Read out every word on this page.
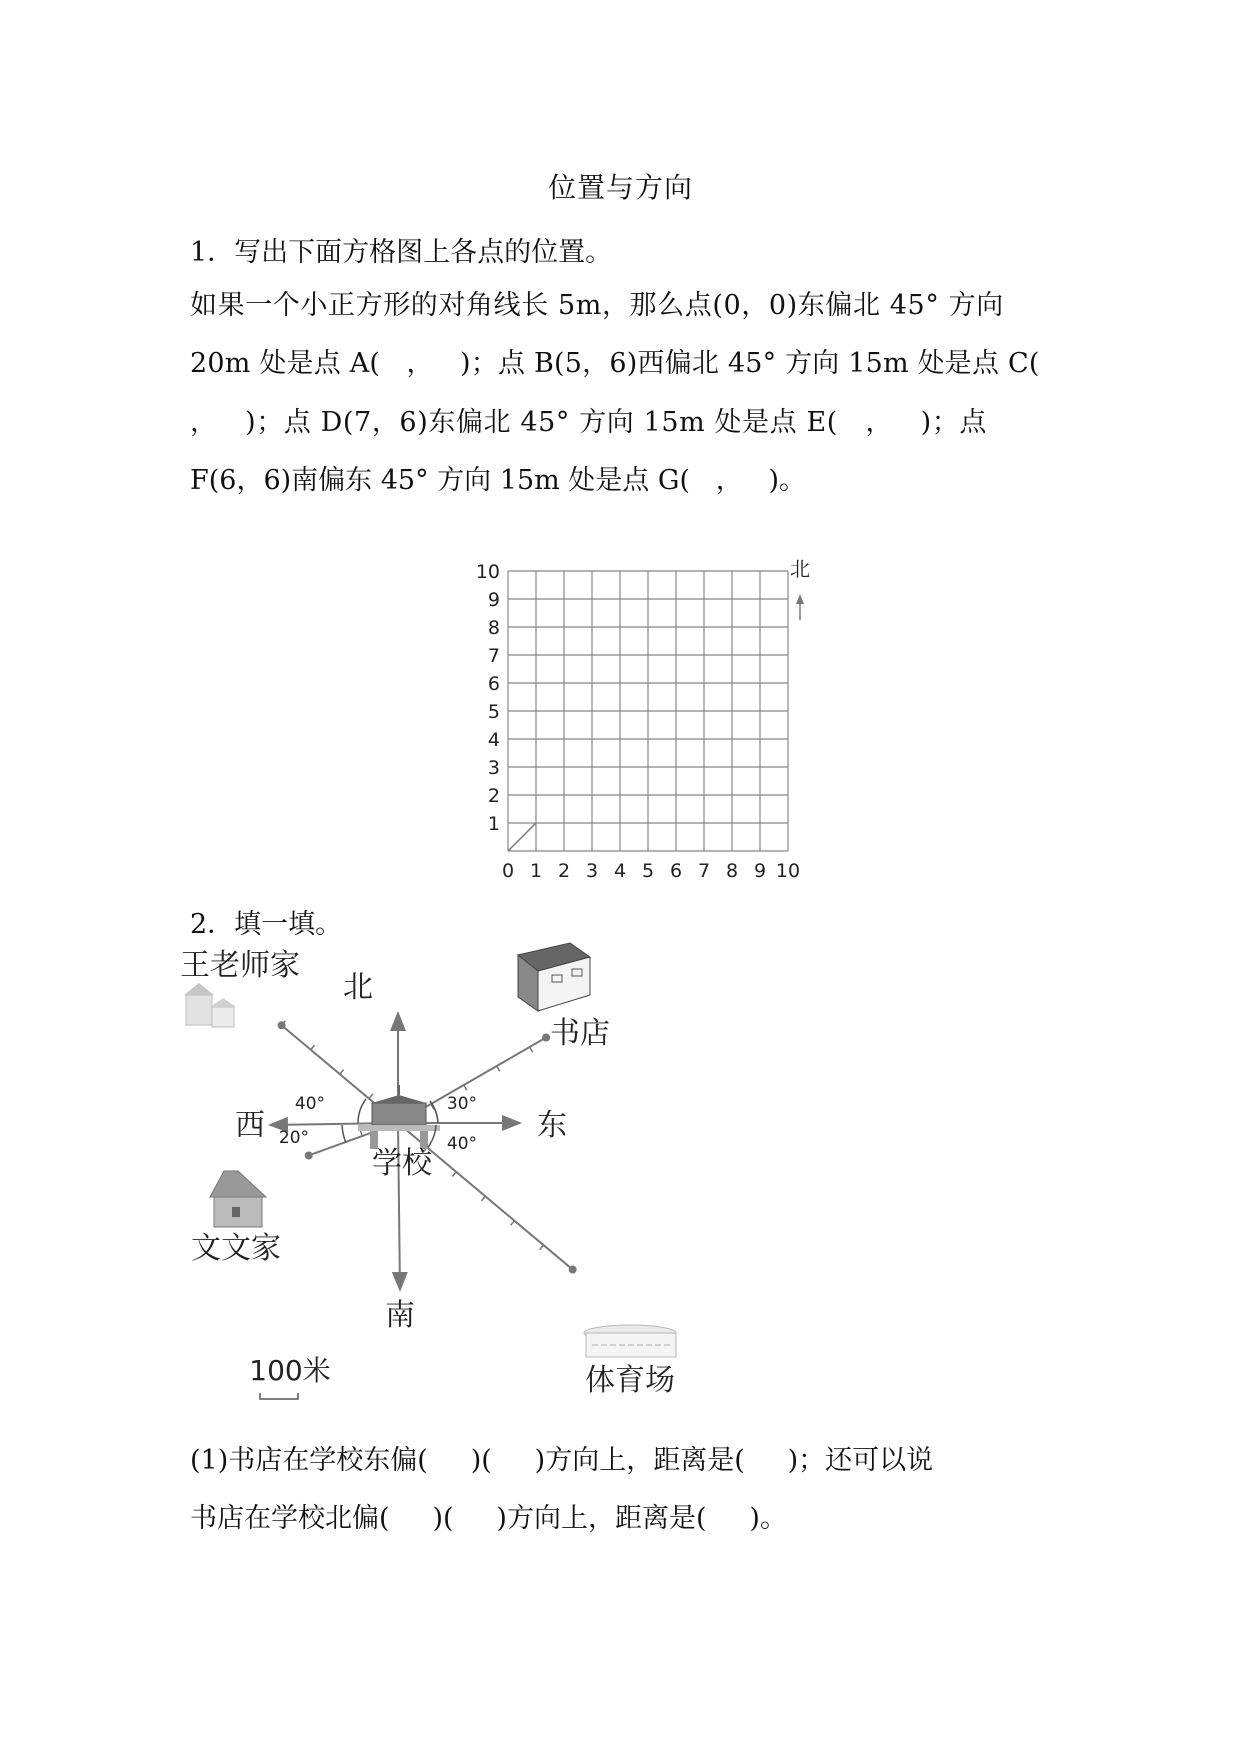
位置与方向
1．写出下面方格图上各点的位置。
如果一个小正方形的对角线长 5m，那么点(0，0)东偏北 45° 方向
20m 处是点 A(   ，   )；点 B(5，6)西偏北 45° 方向 15m 处是点 C(
，   )；点 D(7，6)东偏北 45° 方向 15m 处是点 E(   ，   )；点
F(6，6)南偏东 45° 方向 15m 处是点 G(   ，   )。
0 1 2 3 4 5 6 7 8 9 10
1
2
3
4
5
6
7
8
9
10	北
2．填一填。
北
南
东
西
学校
40°	30°
20°	40°
王老师家
书店
文文家
体育场
100米
(1)书店在学校东偏(     )(     )方向上，距离是(     )；还可以说
书店在学校北偏(     )(     )方向上，距离是(     )。
